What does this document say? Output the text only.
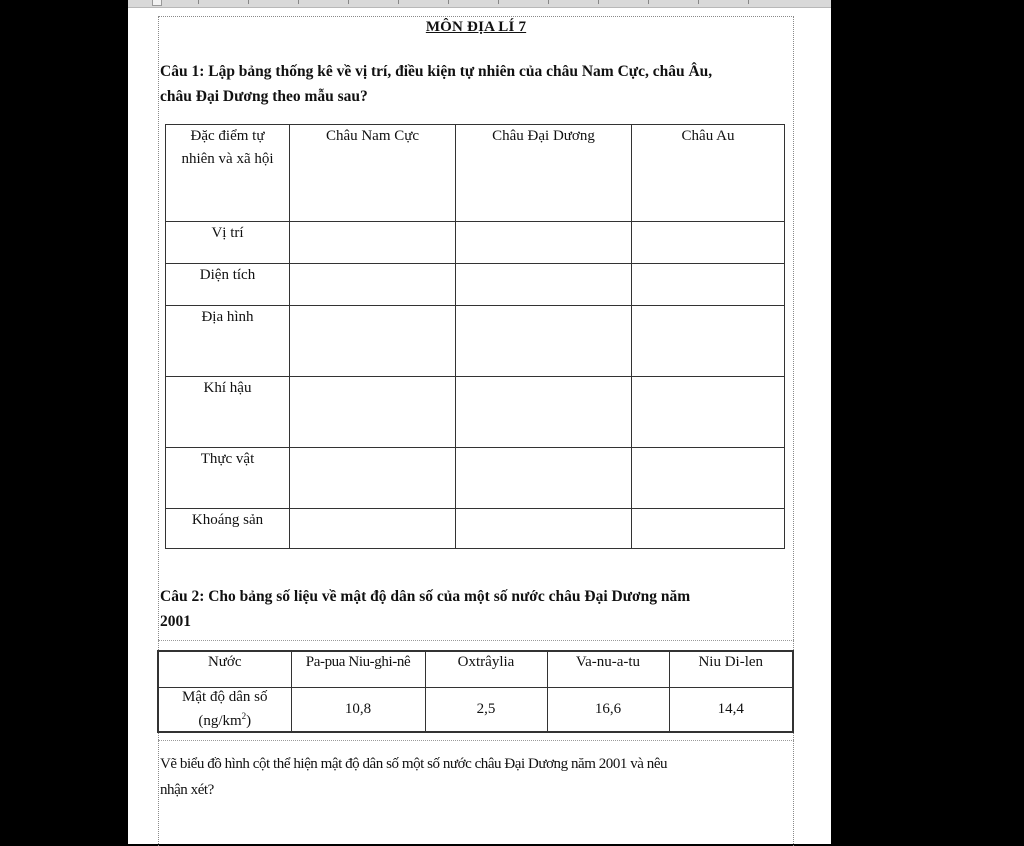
MÔN ĐỊA LÍ 7
Câu 1: Lập bảng thống kê về vị trí, điều kiện tự nhiên của châu Nam Cực, châu Âu,
châu Đại Dương theo mẫu sau?
Đặc điểm tự
nhiên và xã hội	Châu Nam Cực	Châu Đại Dương	Châu Au
Vị trí			
Diện tích			
Địa hình			
Khí hậu			
Thực vật			
Khoáng sản			
Câu 2: Cho bảng số liệu về mật độ dân số của một số nước châu Đại Dương năm
2001
Nước	Pa-pua Niu-ghi-nê	Oxtrâylia	Va-nu-a-tu	Niu Di-len

Mật độ dân số
$(ng/km^2)$	10,8	2,5	16,6	14,4
Vẽ biểu đồ hình cột thể hiện mật độ dân số một số nước châu Đại Dương năm 2001 và nêu
nhận xét?
